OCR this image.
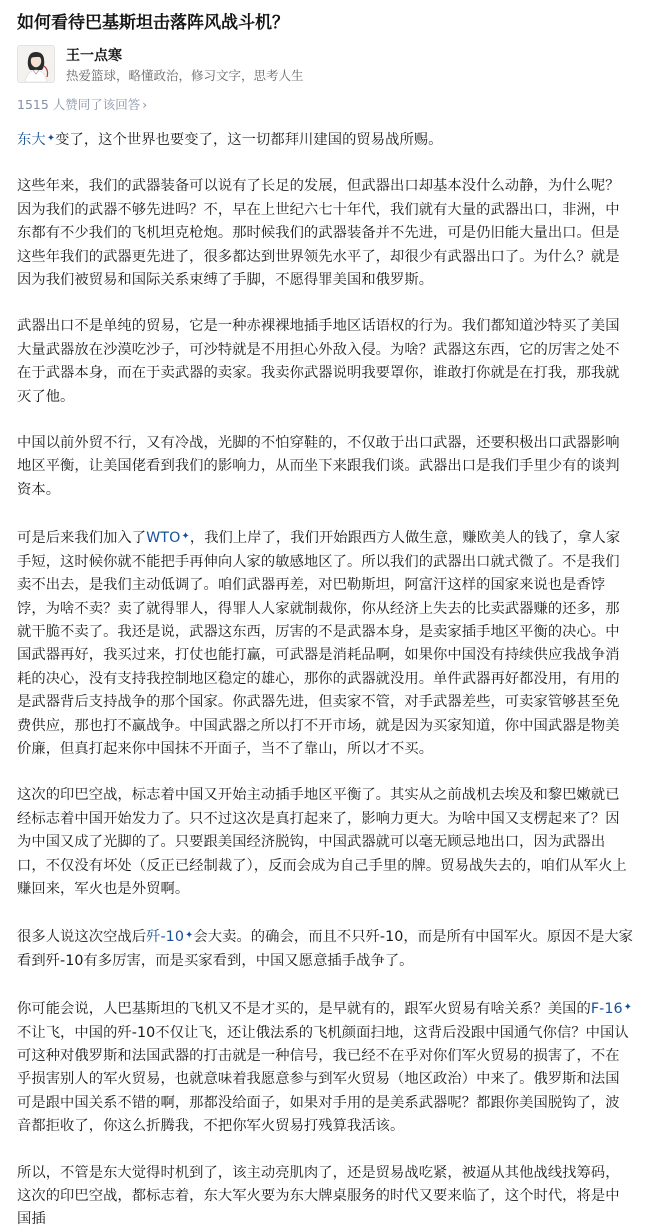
如何看待巴基斯坦击落阵风战斗机？
王一点寒
热爱篮球，略懂政治，修习文字，思考人生
1515 人赞同了该回答 ›

东大✦变了，这个世界也要变了，这一切都拜川建国的贸易战所赐。

这些年来，我们的武器装备可以说有了长足的发展，但武器出口却基本没什么动静，为什么呢？因为我们的武器不够先进吗？不，早在上世纪六七十年代，我们就有大量的武器出口，非洲，中东都有不少我们的飞机坦克枪炮。那时候我们的武器装备并不先进，可是仍旧能大量出口。但是这些年我们的武器更先进了，很多都达到世界领先水平了，却很少有武器出口了。为什么？就是因为我们被贸易和国际关系束缚了手脚，不愿得罪美国和俄罗斯。

武器出口不是单纯的贸易，它是一种赤裸裸地插手地区话语权的行为。我们都知道沙特买了美国大量武器放在沙漠吃沙子，可沙特就是不用担心外敌入侵。为啥？武器这东西，它的厉害之处不在于武器本身，而在于卖武器的卖家。我卖你武器说明我要罩你，谁敢打你就是在打我，那我就灭了他。

中国以前外贸不行，又有冷战，光脚的不怕穿鞋的，不仅敢于出口武器，还要积极出口武器影响地区平衡，让美国佬看到我们的影响力，从而坐下来跟我们谈。武器出口是我们手里少有的谈判资本。

可是后来我们加入了WTO✦，我们上岸了，我们开始跟西方人做生意，赚欧美人的钱了，拿人家手短，这时候你就不能把手再伸向人家的敏感地区了。所以我们的武器出口就式微了。不是我们卖不出去，是我们主动低调了。咱们武器再差，对巴勒斯坦，阿富汗这样的国家来说也是香饽饽，为啥不卖？卖了就得罪人，得罪人人家就制裁你，你从经济上失去的比卖武器赚的还多，那就干脆不卖了。我还是说，武器这东西，厉害的不是武器本身，是卖家插手地区平衡的决心。中国武器再好，我买过来，打仗也能打赢，可武器是消耗品啊，如果你中国没有持续供应我战争消耗的决心，没有支持我控制地区稳定的雄心，那你的武器就没用。单件武器再好都没用，有用的是武器背后支持战争的那个国家。你武器先进，但卖家不管，对手武器差些，可卖家管够甚至免费供应，那也打不赢战争。中国武器之所以打不开市场，就是因为买家知道，你中国武器是物美价廉，但真打起来你中国抹不开面子，当不了靠山，所以才不买。

这次的印巴空战，标志着中国又开始主动插手地区平衡了。其实从之前战机去埃及和黎巴嫩就已经标志着中国开始发力了。只不过这次是真打起来了，影响力更大。为啥中国又支楞起来了？因为中国又成了光脚的了。只要跟美国经济脱钩，中国武器就可以毫无顾忌地出口，因为武器出口，不仅没有坏处（反正已经制裁了），反而会成为自己手里的牌。贸易战失去的，咱们从军火上赚回来，军火也是外贸啊。

很多人说这次空战后歼-10✦会大卖。的确会，而且不只歼-10，而是所有中国军火。原因不是大家看到歼-10有多厉害，而是买家看到，中国又愿意插手战争了。

你可能会说，人巴基斯坦的飞机又不是才买的，是早就有的，跟军火贸易有啥关系？美国的F-16✦不让飞，中国的歼-10不仅让飞，还让俄法系的飞机颜面扫地，这背后没跟中国通气你信？中国认可这种对俄罗斯和法国武器的打击就是一种信号，我已经不在乎对你们军火贸易的损害了，不在乎损害别人的军火贸易，也就意味着我愿意参与到军火贸易（地区政治）中来了。俄罗斯和法国可是跟中国关系不错的啊，那都没给面子，如果对手用的是美系武器呢？都跟你美国脱钩了，波音都拒收了，你这么折腾我，不把你军火贸易打残算我活该。

所以，不管是东大觉得时机到了，该主动亮肌肉了，还是贸易战吃紧，被逼从其他战线找筹码，这次的印巴空战，都标志着，东大军火要为东大牌桌服务的时代又要来临了，这个时代，将是中国插
